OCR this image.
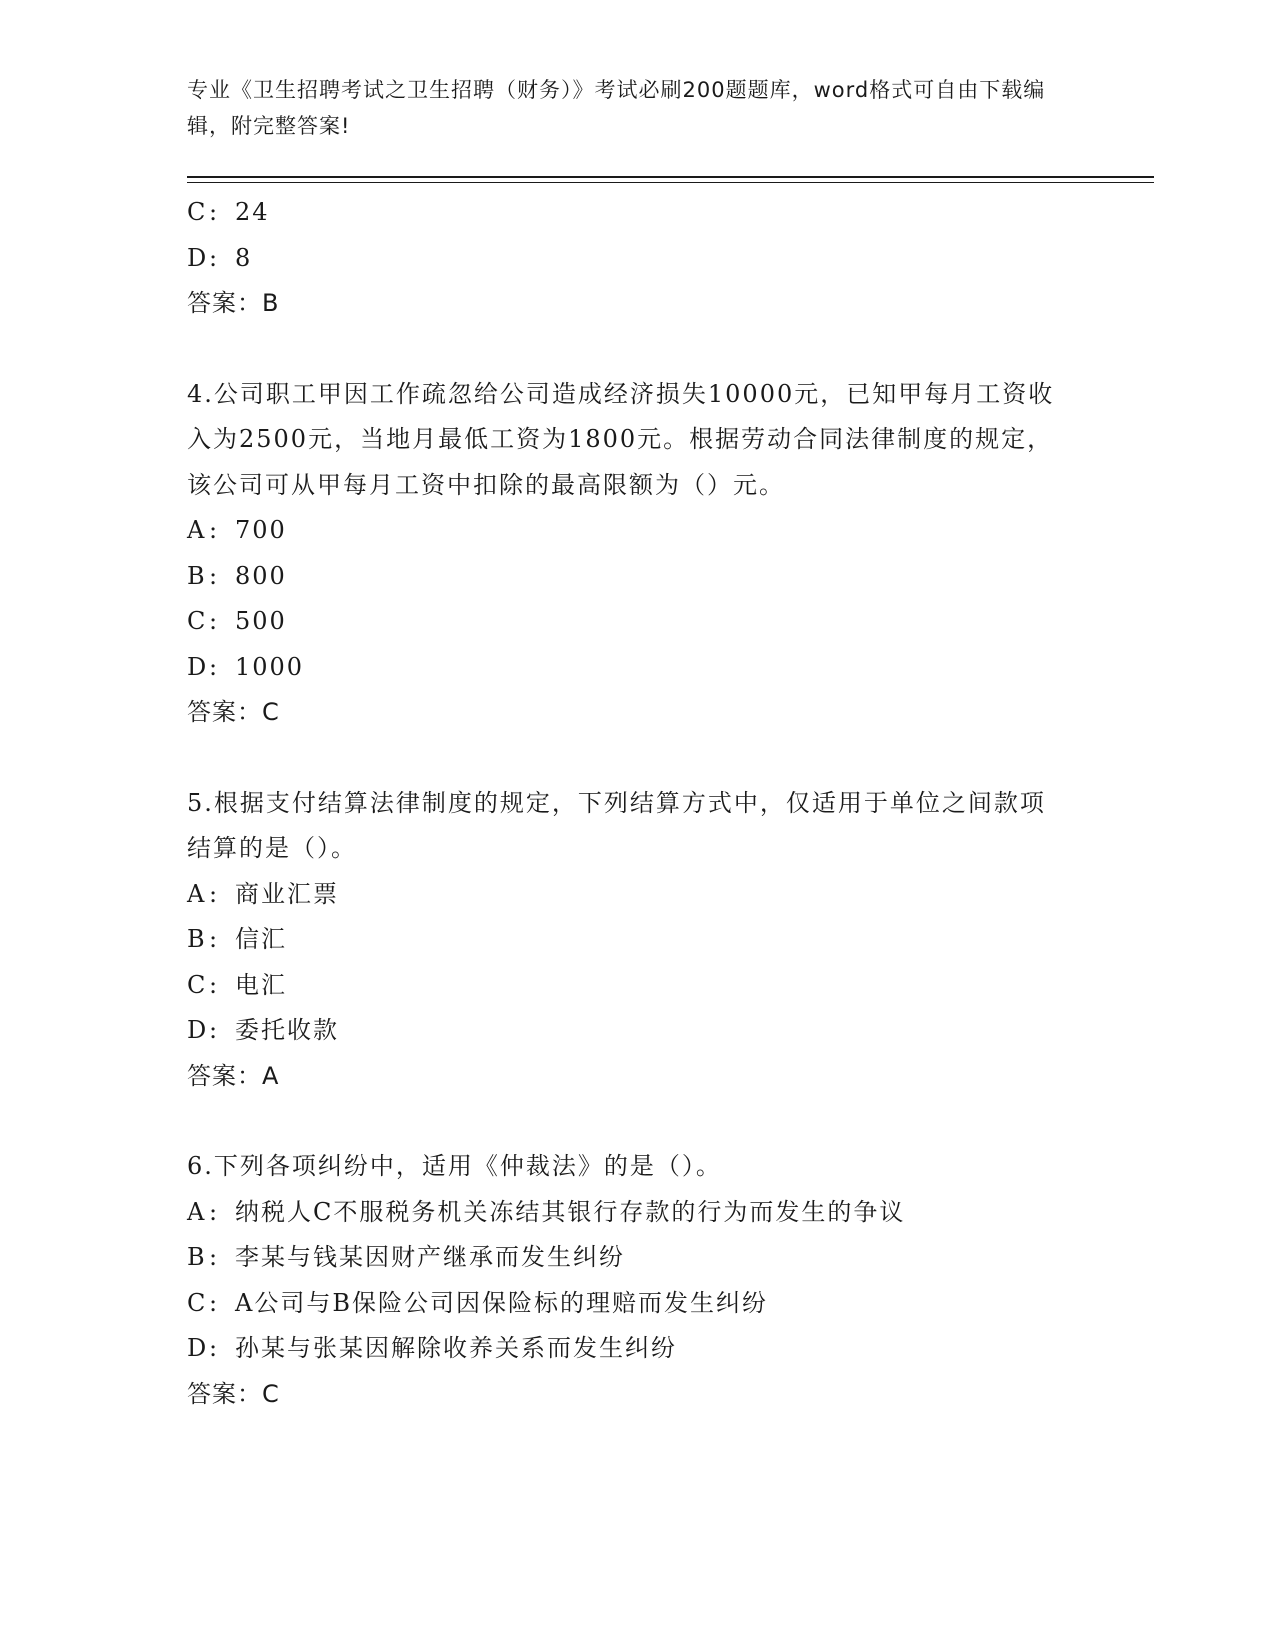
专业《卫生招聘考试之卫生招聘（财务）》考试必刷200题题库，word格式可自由下载编辑，附完整答案!
C: 24
D: 8
答案：B
4.公司职工甲因工作疏忽给公司造成经济损失10000元，已知甲每月工资收入为2500元，当地月最低工资为1800元。根据劳动合同法律制度的规定，该公司可从甲每月工资中扣除的最高限额为（）元。
A : 700
B: 800
C: 500
D: 1000
答案：C
5.根据支付结算法律制度的规定，下列结算方式中，仅适用于单位之间款项结算的是（）。
A : 商业汇票
B: 信汇
C: 电汇
D: 委托收款
答案：A
6.下列各项纠纷中，适用《仲裁法》的是（）。
A : 纳税人C不服税务机关冻结其银行存款的行为而发生的争议
B: 李某与钱某因财产继承而发生纠纷
C: A公司与B保险公司因保险标的理赔而发生纠纷
D: 孙某与张某因解除收养关系而发生纠纷
答案：C
